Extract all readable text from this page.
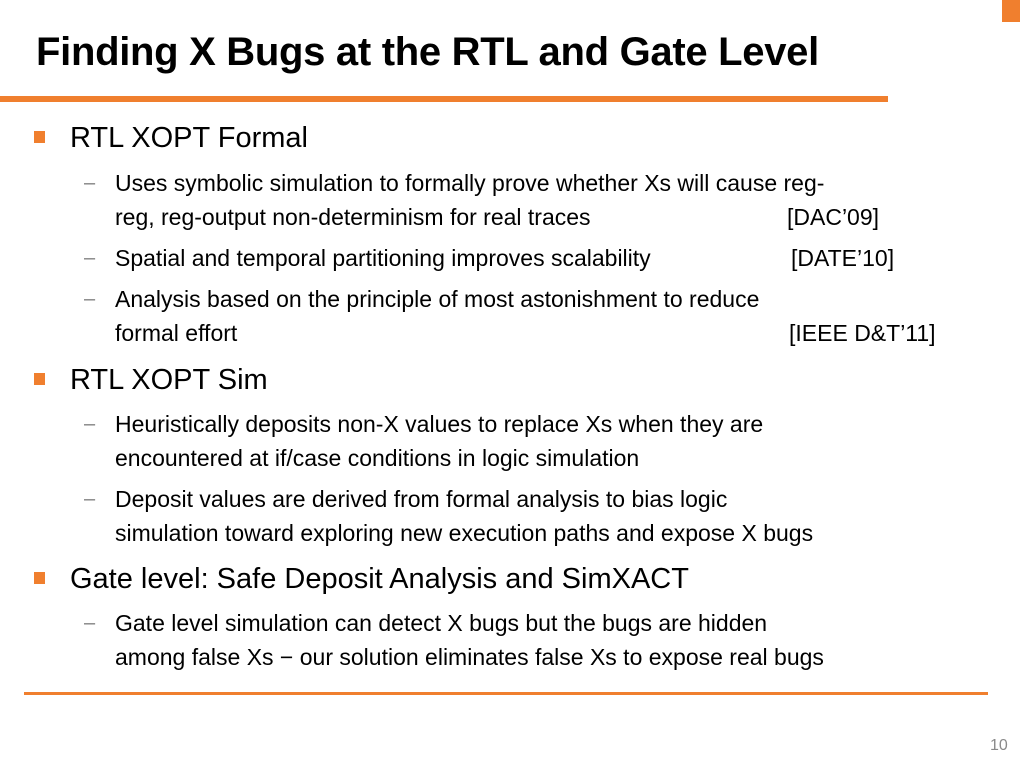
Finding X Bugs at the RTL and Gate Level
RTL XOPT Formal
– Uses symbolic simulation to formally prove whether Xs will cause reg-
reg, reg-output non-determinism for real traces	[DAC’09]
– Spatial and temporal partitioning improves scalability	[DATE’10]
– Analysis based on the principle of most astonishment to reduce
formal effort	[IEEE D&T’11]
RTL XOPT Sim
– Heuristically deposits non-X values to replace Xs when they are
encountered at if/case conditions in logic simulation
– Deposit values are derived from formal analysis to bias logic
simulation toward exploring new execution paths and expose X bugs
Gate level: Safe Deposit Analysis and SimXACT
– Gate level simulation can detect X bugs but the bugs are hidden
among false Xs − our solution eliminates false Xs to expose real bugs
10
